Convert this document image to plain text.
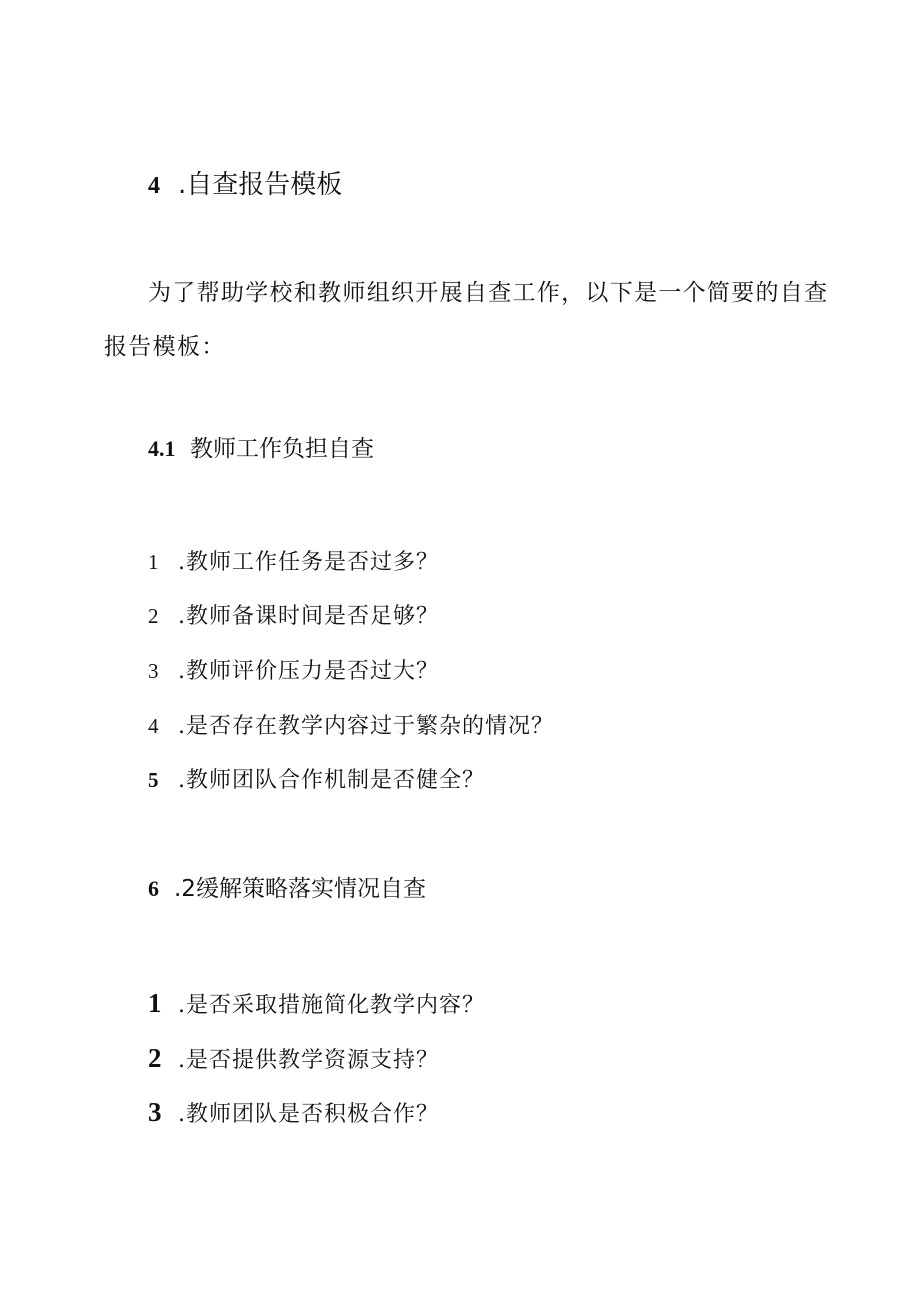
4 .自查报告模板
为了帮助学校和教师组织开展自查工作，以下是一个简要的自查
报告模板：
4.1 教师工作负担自查
1 .教师工作任务是否过多？
2 .教师备课时间是否足够？
3 .教师评价压力是否过大？
4 .是否存在教学内容过于繁杂的情况？
5 .教师团队合作机制是否健全？
6 .2缓解策略落实情况自查
1 .是否采取措施简化教学内容？
2 .是否提供教学资源支持？
3 .教师团队是否积极合作？
